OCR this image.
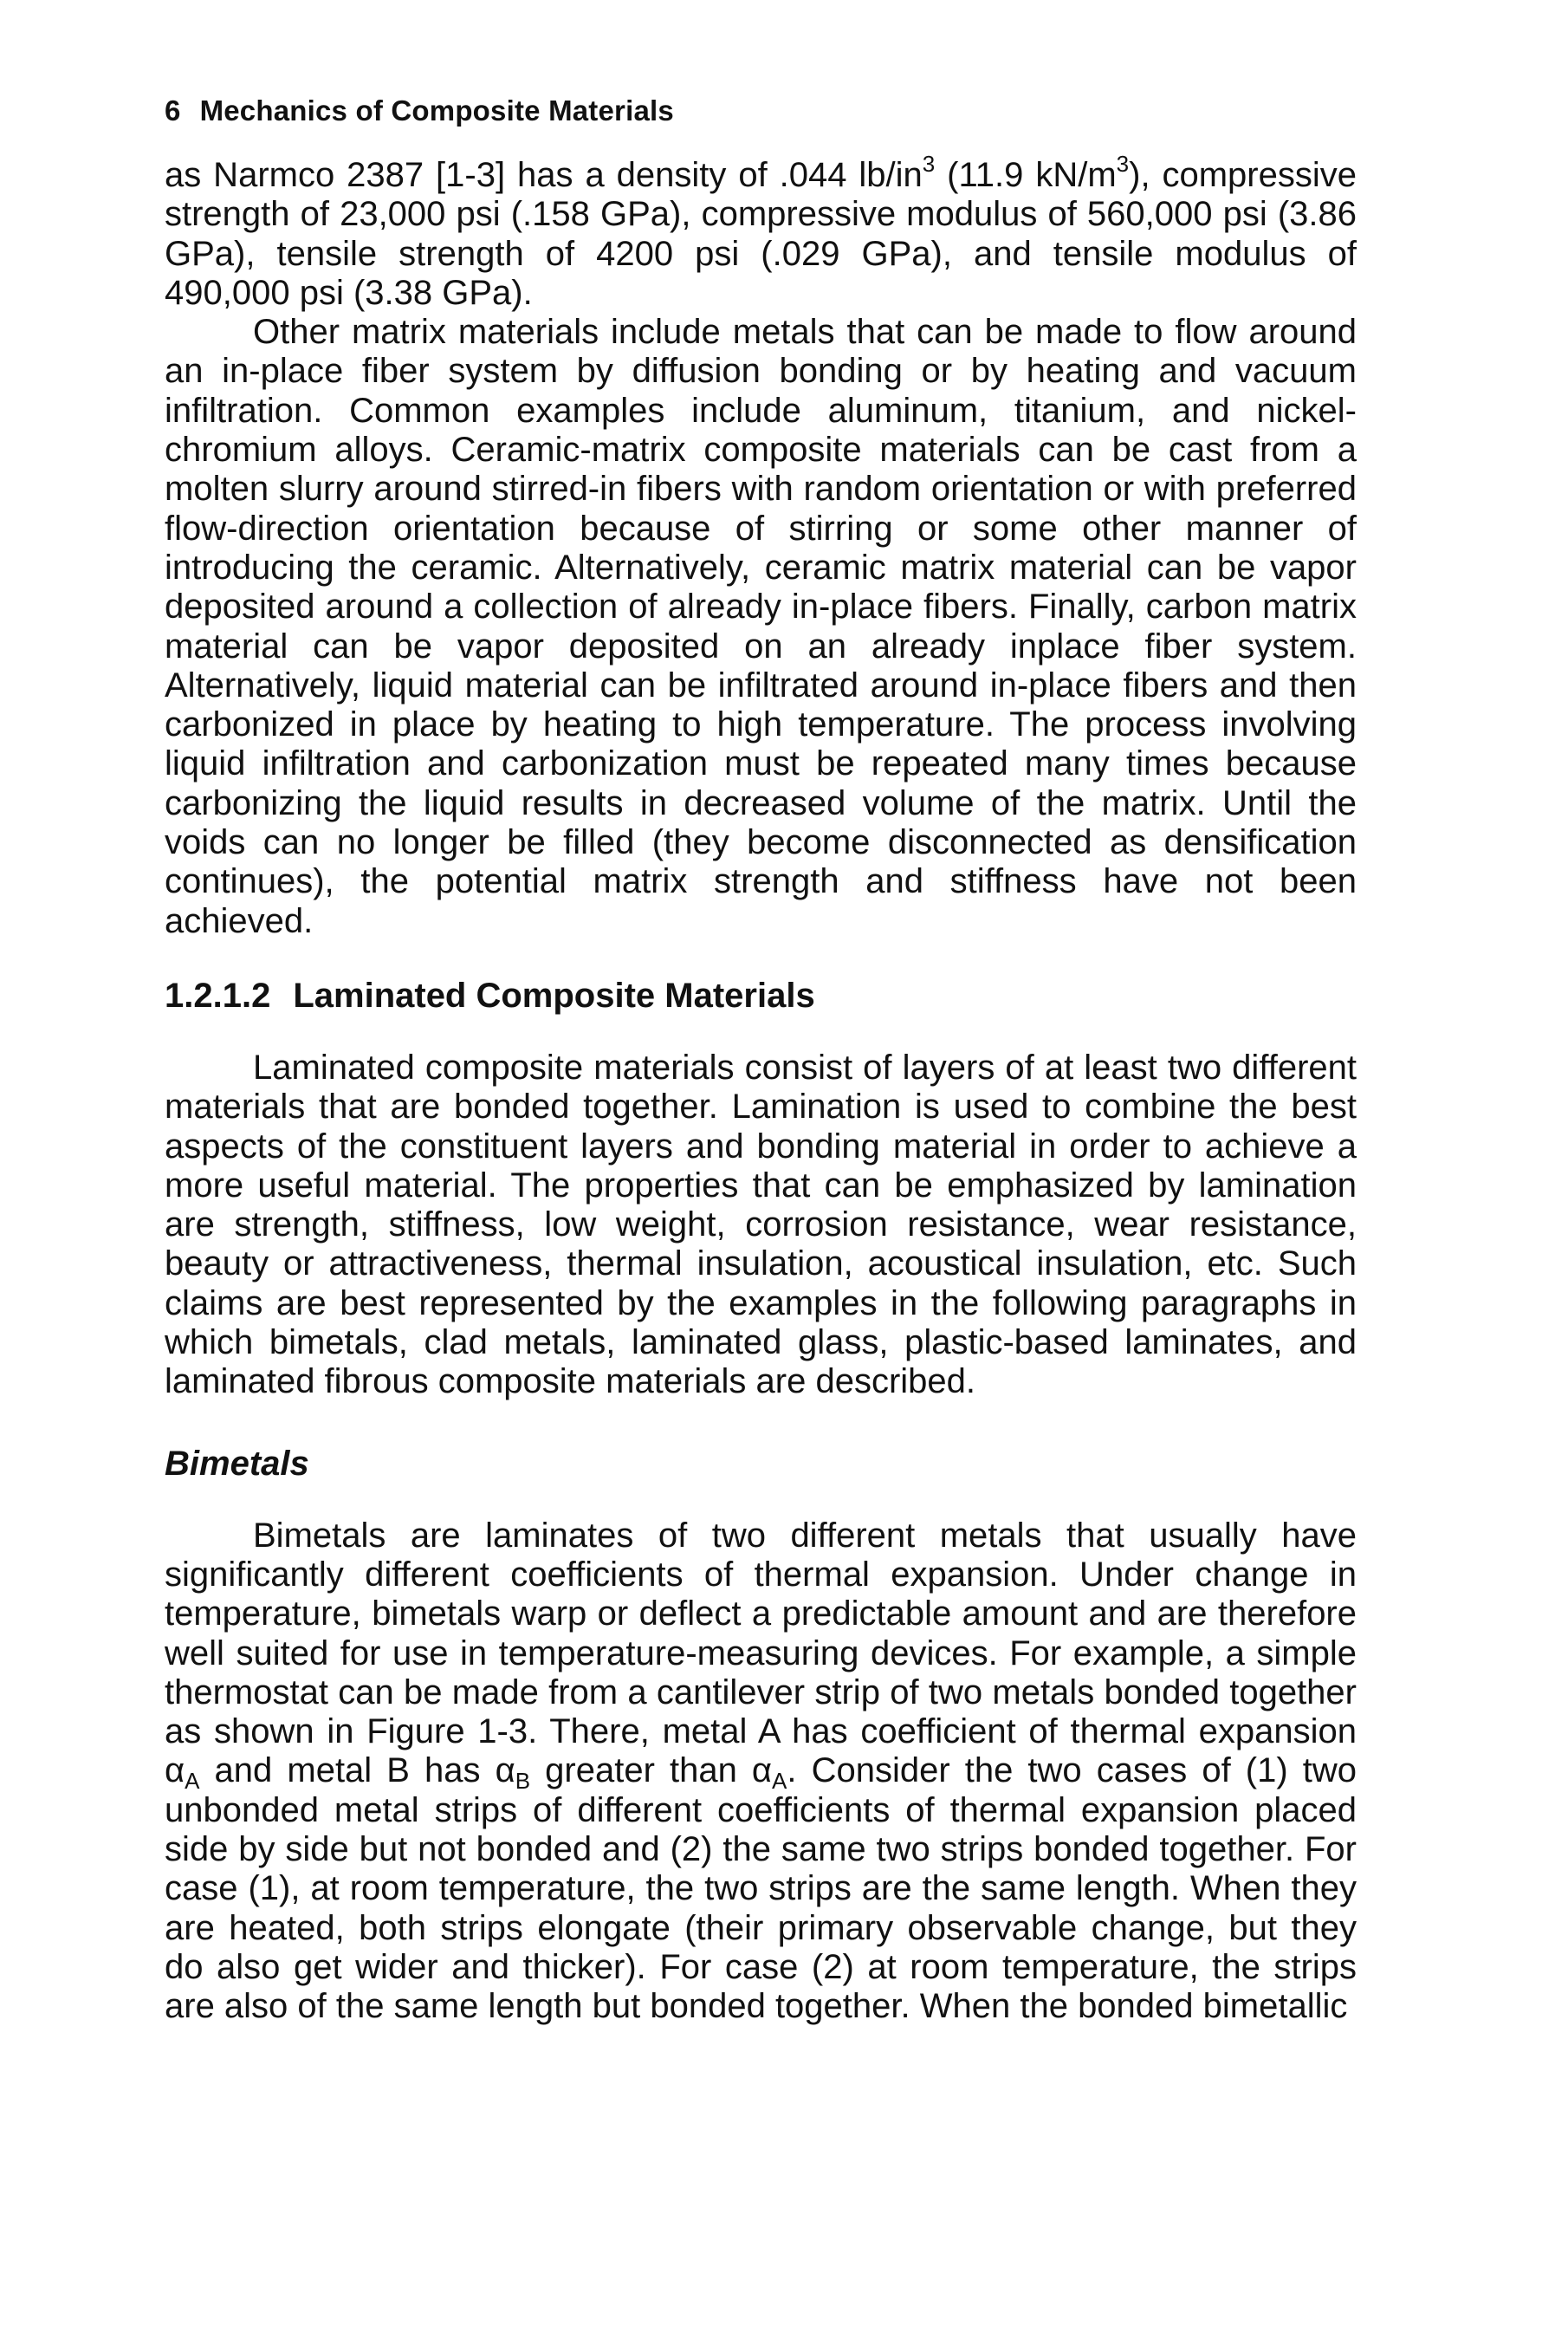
6 Mechanics of Composite Materials

as Narmco 2387 [1-3] has a density of .044 $lb/in^3$ (11.9 $kN/m^3$), compressive strength of 23,000 psi (.158 GPa), compressive modulus of 560,000 psi (3.86 GPa), tensile strength of 4200 psi (.029 GPa), and tensile modulus of 490,000 psi (3.38 GPa).

Other matrix materials include metals that can be made to flow around an in-place fiber system by diffusion bonding or by heating and vacuum infiltration. Common examples include aluminum, titanium, and nickel-chromium alloys. Ceramic-matrix composite materials can be cast from a molten slurry around stirred-in fibers with random orientation or with preferred flow-direction orientation because of stirring or some other manner of introducing the ceramic. Alternatively, ceramic matrix material can be vapor deposited around a collection of already in-place fibers. Finally, carbon matrix material can be vapor deposited on an already inplace fiber system. Alternatively, liquid material can be infiltrated around in-place fibers and then carbonized in place by heating to high temperature. The process involving liquid infiltration and carbonization must be repeated many times because carbonizing the liquid results in decreased volume of the matrix. Until the voids can no longer be filled (they become disconnected as densification continues), the potential matrix strength and stiffness have not been achieved.

1.2.1.2 Laminated Composite Materials

Laminated composite materials consist of layers of at least two different materials that are bonded together. Lamination is used to combine the best aspects of the constituent layers and bonding material in order to achieve a more useful material. The properties that can be emphasized by lamination are strength, stiffness, low weight, corrosion resistance, wear resistance, beauty or attractiveness, thermal insulation, acoustical insulation, etc. Such claims are best represented by the examples in the following paragraphs in which bimetals, clad metals, laminated glass, plastic-based laminates, and laminated fibrous composite materials are described.

Bimetals

Bimetals are laminates of two different metals that usually have significantly different coefficients of thermal expansion. Under change in temperature, bimetals warp or deflect a predictable amount and are therefore well suited for use in temperature-measuring devices. For example, a simple thermostat can be made from a cantilever strip of two metals bonded together as shown in Figure 1-3. There, metal A has coefficient of thermal expansion $\alpha_A$ and metal B has $\alpha_B$ greater than $\alpha_A$. Consider the two cases of (1) two unbonded metal strips of different coefficients of thermal expansion placed side by side but not bonded and (2) the same two strips bonded together. For case (1), at room temperature, the two strips are the same length. When they are heated, both strips elongate (their primary observable change, but they do also get wider and thicker). For case (2) at room temperature, the strips are also of the same length but bonded together. When the bonded bimetallic
